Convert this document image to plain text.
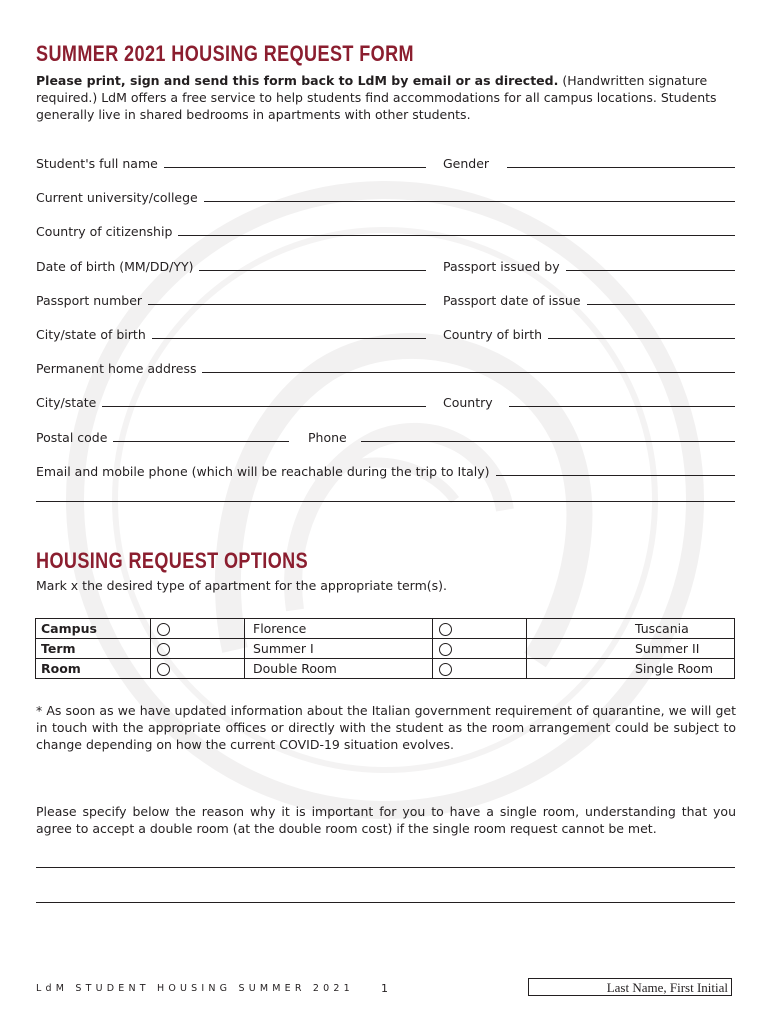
SUMMER 2021 HOUSING REQUEST FORM
Please print, sign and send this form back to LdM by email or as directed. (Handwritten signature required.) LdM offers a free service to help students find accommodations for all campus locations. Students generally live in shared bedrooms in apartments with other students.
Student's full name	Gender
Current university/college
Country of citizenship
Date of birth (MM/DD/YY)	Passport issued by
Passport number	Passport date of issue
City/state of birth	Country of birth
Permanent home address
City/state	Country
Postal code	Phone
Email and mobile phone (which will be reachable during the trip to Italy)
HOUSING REQUEST OPTIONS
Mark x the desired type of apartment for the appropriate term(s).
Campus		Florence		Tuscania
Term		Summer I		Summer II
Room		Double Room		Single Room
* As soon as we have updated information about the Italian government requirement of quarantine, we will get in touch with the appropriate offices or directly with the student as the room arrangement could be subject to change depending on how the current COVID-19 situation evolves.
Please specify below the reason why it is important for you to have a single room, understanding that you agree to accept a double room (at the double room cost) if the single room request cannot be met.
LdM STUDENT HOUSING SUMMER 2021 1	Last Name, First Initial
